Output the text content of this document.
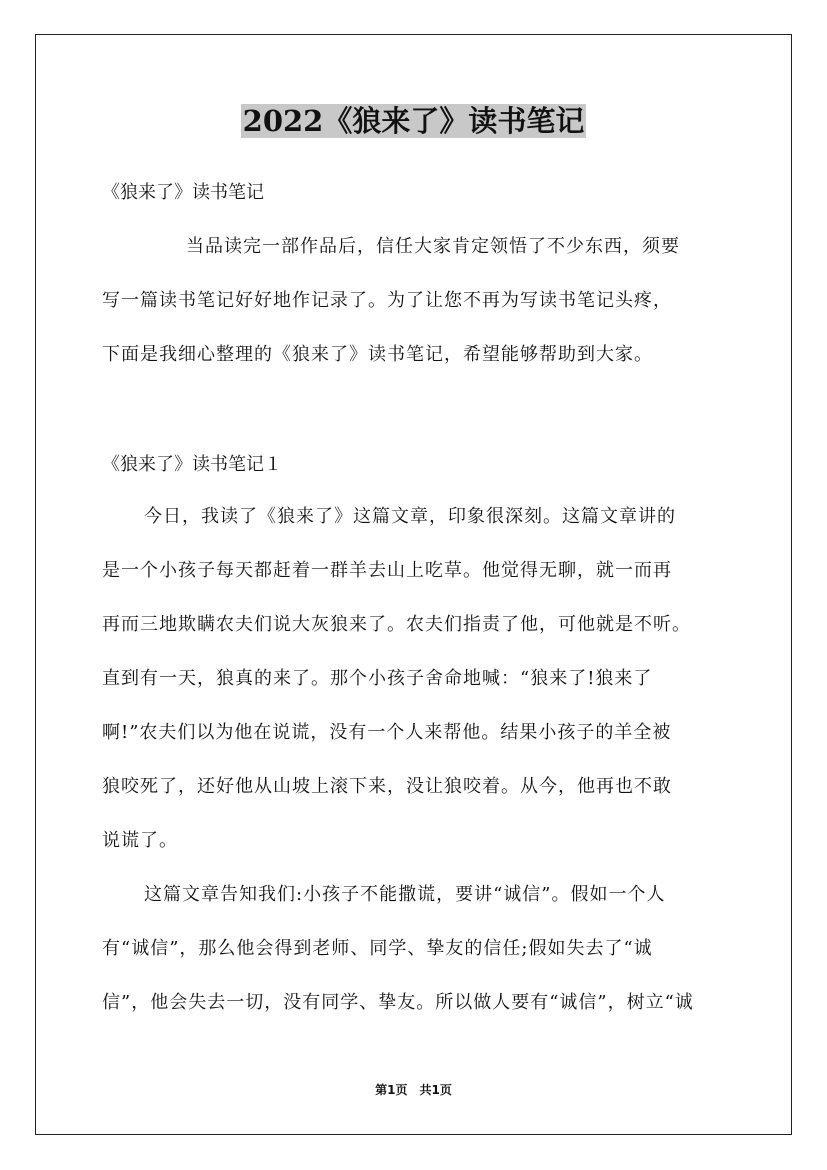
2022《狼来了》读书笔记

《狼来了》读书笔记

当品读完一部作品后，信任大家肯定领悟了不少东西，须要
写一篇读书笔记好好地作记录了。为了让您不再为写读书笔记头疼，
下面是我细心整理的《狼来了》读书笔记，希望能够帮助到大家。

《狼来了》读书笔记１

今日，我读了《狼来了》这篇文章，印象很深刻。这篇文章讲的
是一个小孩子每天都赶着一群羊去山上吃草。他觉得无聊，就一而再
再而三地欺瞒农夫们说大灰狼来了。农夫们指责了他，可他就是不听。
直到有一天，狼真的来了。那个小孩子舍命地喊：“狼来了!狼来了
啊!”农夫们以为他在说谎，没有一个人来帮他。结果小孩子的羊全被
狼咬死了，还好他从山坡上滚下来，没让狼咬着。从今，他再也不敢
说谎了。
这篇文章告知我们:小孩子不能撒谎，要讲“诚信”。假如一个人
有“诚信”，那么他会得到老师、同学、挚友的信任;假如失去了“诚
信”，他会失去一切，没有同学、挚友。所以做人要有“诚信”，树立“诚
第1页　共1页
